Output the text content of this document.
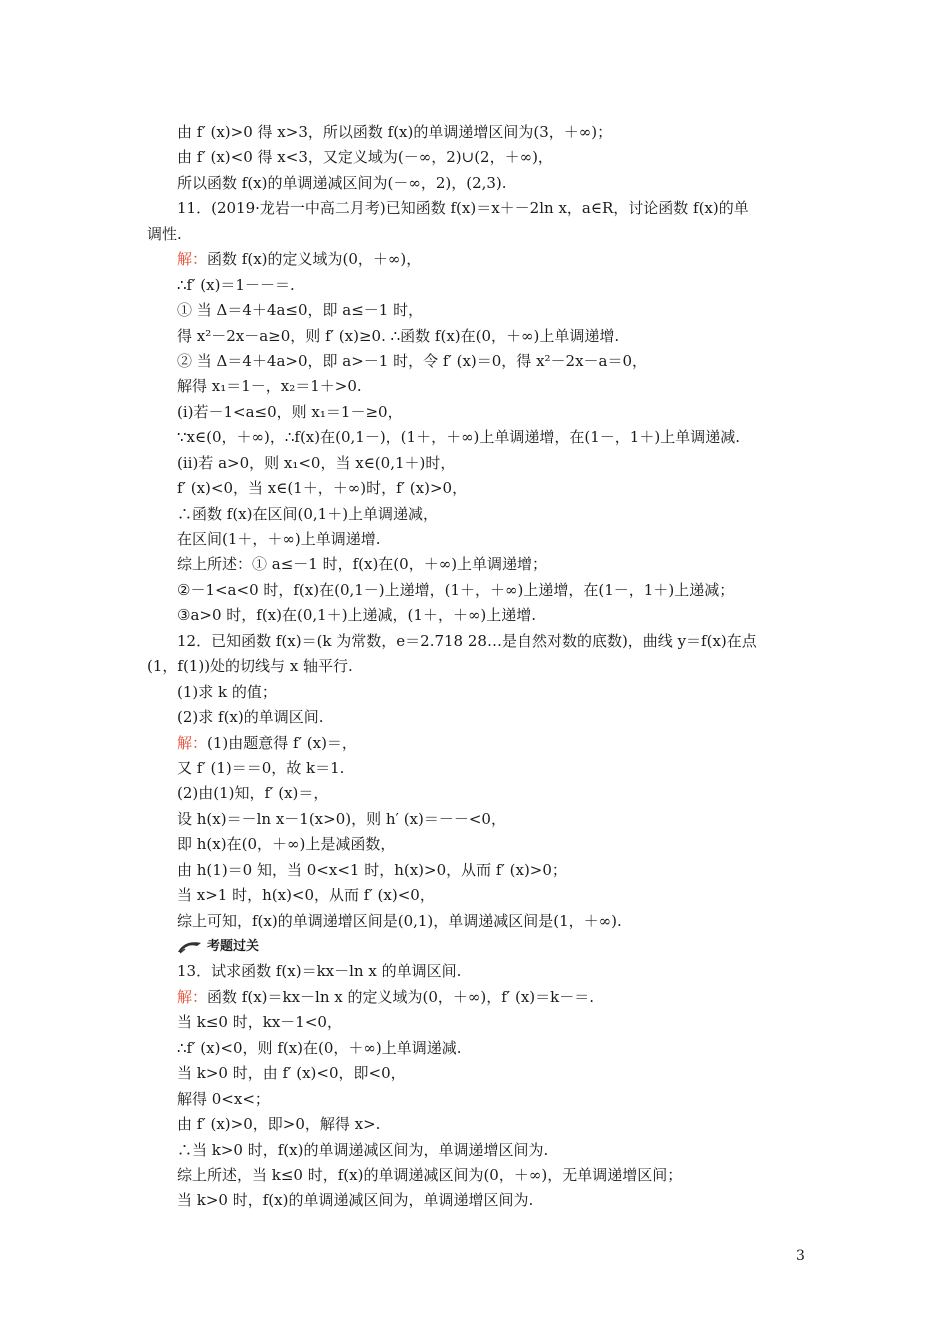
由 f′ (x)>0 得 x>3，所以函数 f(x)的单调递增区间为(3，＋∞)；
由 f′ (x)<0 得 x<3，又定义域为(－∞，2)∪(2，＋∞)，
所以函数 f(x)的单调递减区间为(－∞，2)，(2,3).
11．(2019·龙岩一中高二月考)已知函数 f(x)＝x＋－2ln x，a∈R，讨论函数 f(x)的单
调性.
解：函数 f(x)的定义域为(0，＋∞)，
∴f′ (x)＝1－－＝.
① 当 Δ＝4＋4a≤0，即 a≤－1 时，
得 x²－2x－a≥0，则 f′ (x)≥0. ∴函数 f(x)在(0，＋∞)上单调递增.
② 当 Δ＝4＋4a>0，即 a>－1 时，令 f′ (x)＝0，得 x²－2x－a＝0，
解得 x₁＝1－，x₂＝1＋>0.
(ⅰ)若－1<a≤0，则 x₁＝1－≥0，
∵x∈(0，＋∞)，∴f(x)在(0,1－)，(1＋，＋∞)上单调递增，在(1－，1＋)上单调递减.
(ⅱ)若 a>0，则 x₁<0，当 x∈(0,1＋)时，
f′ (x)<0，当 x∈(1＋，＋∞)时，f′ (x)>0，
∴函数 f(x)在区间(0,1＋)上单调递减，
在区间(1＋，＋∞)上单调递增.
综上所述：① a≤－1 时，f(x)在(0，＋∞)上单调递增；
②－1<a<0 时，f(x)在(0,1－)上递增，(1＋，＋∞)上递增，在(1－，1＋)上递减；
③a>0 时，f(x)在(0,1＋)上递减，(1＋，＋∞)上递增.
12．已知函数 f(x)＝(k 为常数，e＝2.718 28…是自然对数的底数)，曲线 y＝f(x)在点
(1，f(1))处的切线与 x 轴平行.
(1)求 k 的值；
(2)求 f(x)的单调区间.
解：(1)由题意得 f′ (x)＝，
又 f′ (1)＝＝0，故 k＝1.
(2)由(1)知，f′ (x)＝，
设 h(x)＝－ln x－1(x>0)，则 h′ (x)＝－－<0，
即 h(x)在(0，＋∞)上是减函数，
由 h(1)＝0 知，当 0<x<1 时，h(x)>0，从而 f′ (x)>0；
当 x>1 时，h(x)<0，从而 f′ (x)<0，
综上可知，f(x)的单调递增区间是(0,1)，单调递减区间是(1，＋∞).
考题过关
13．试求函数 f(x)＝kx－ln x 的单调区间.
解：函数 f(x)＝kx－ln x 的定义域为(0，＋∞)，f′ (x)＝k－＝.
当 k≤0 时，kx－1<0，
∴f′ (x)<0，则 f(x)在(0，＋∞)上单调递减.
当 k>0 时，由 f′ (x)<0，即<0，
解得 0<x<；
由 f′ (x)>0，即>0，解得 x>.
∴当 k>0 时，f(x)的单调递减区间为，单调递增区间为.
综上所述，当 k≤0 时，f(x)的单调递减区间为(0，＋∞)，无单调递增区间；
当 k>0 时，f(x)的单调递减区间为，单调递增区间为.
3
